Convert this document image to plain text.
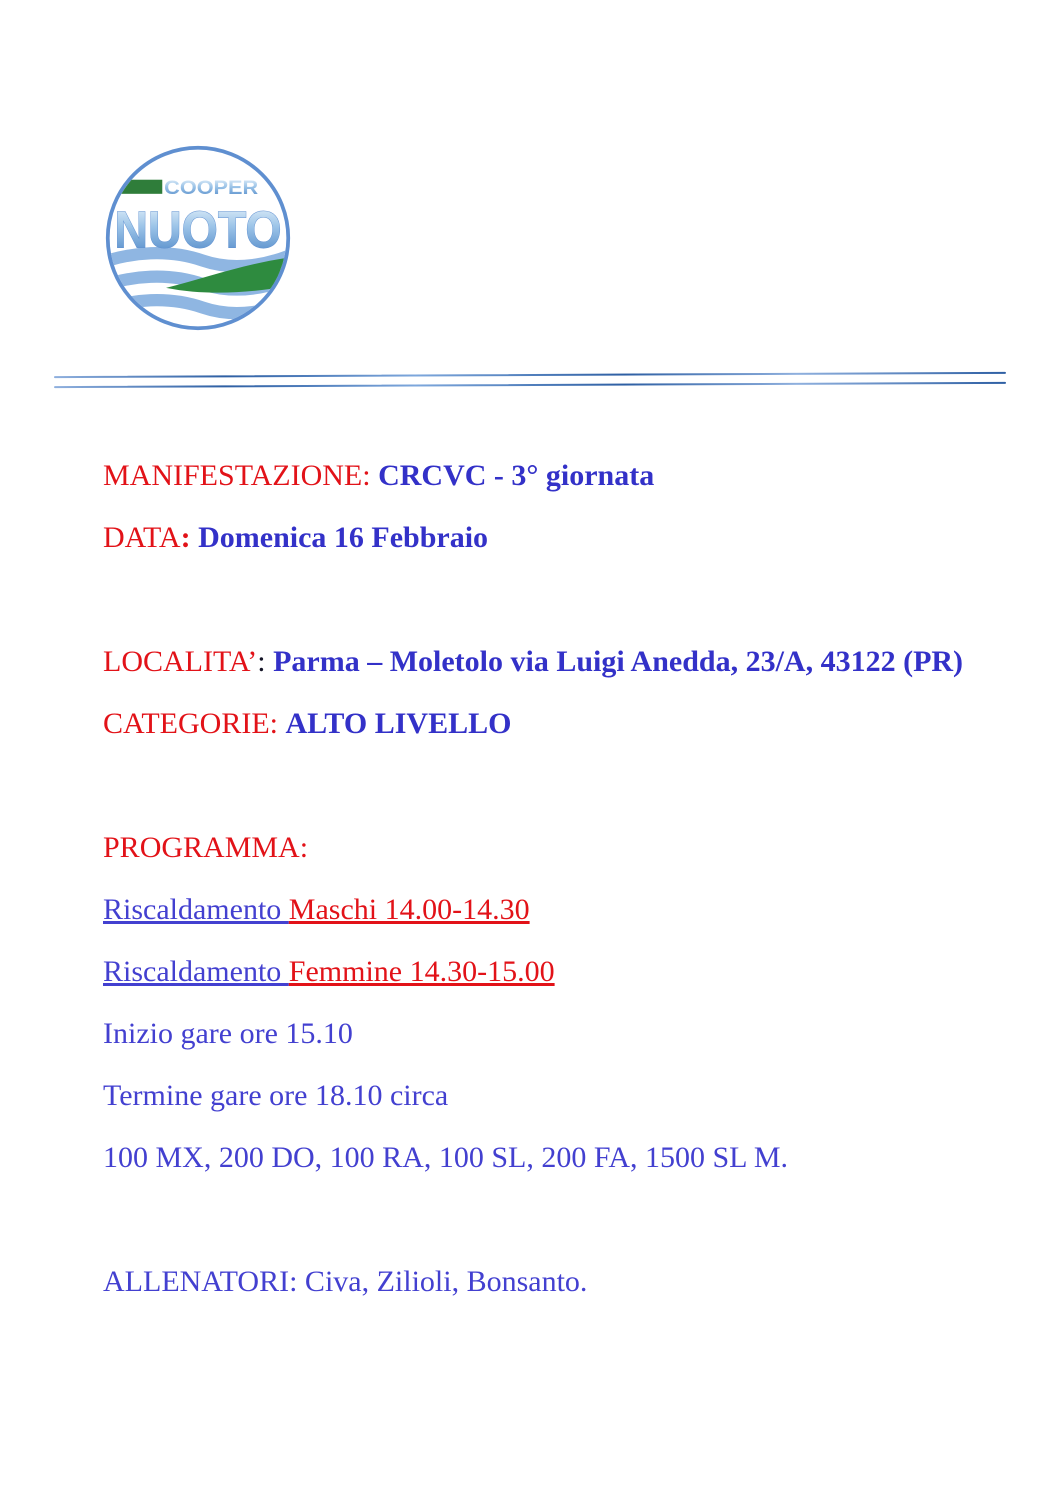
COOPER
NUOTO

MANIFESTAZIONE: CRCVC - 3° giornata

DATA: Domenica 16 Febbraio

LOCALITA’: Parma – Moletolo via Luigi Anedda, 23/A, 43122 (PR)

CATEGORIE: ALTO LIVELLO

PROGRAMMA:

Riscaldamento Maschi 14.00-14.30

Riscaldamento Femmine 14.30-15.00

Inizio gare ore 15.10

Termine gare ore 18.10 circa

100 MX, 200 DO, 100 RA, 100 SL, 200 FA, 1500 SL M.

ALLENATORI: Civa, Zilioli, Bonsanto.
